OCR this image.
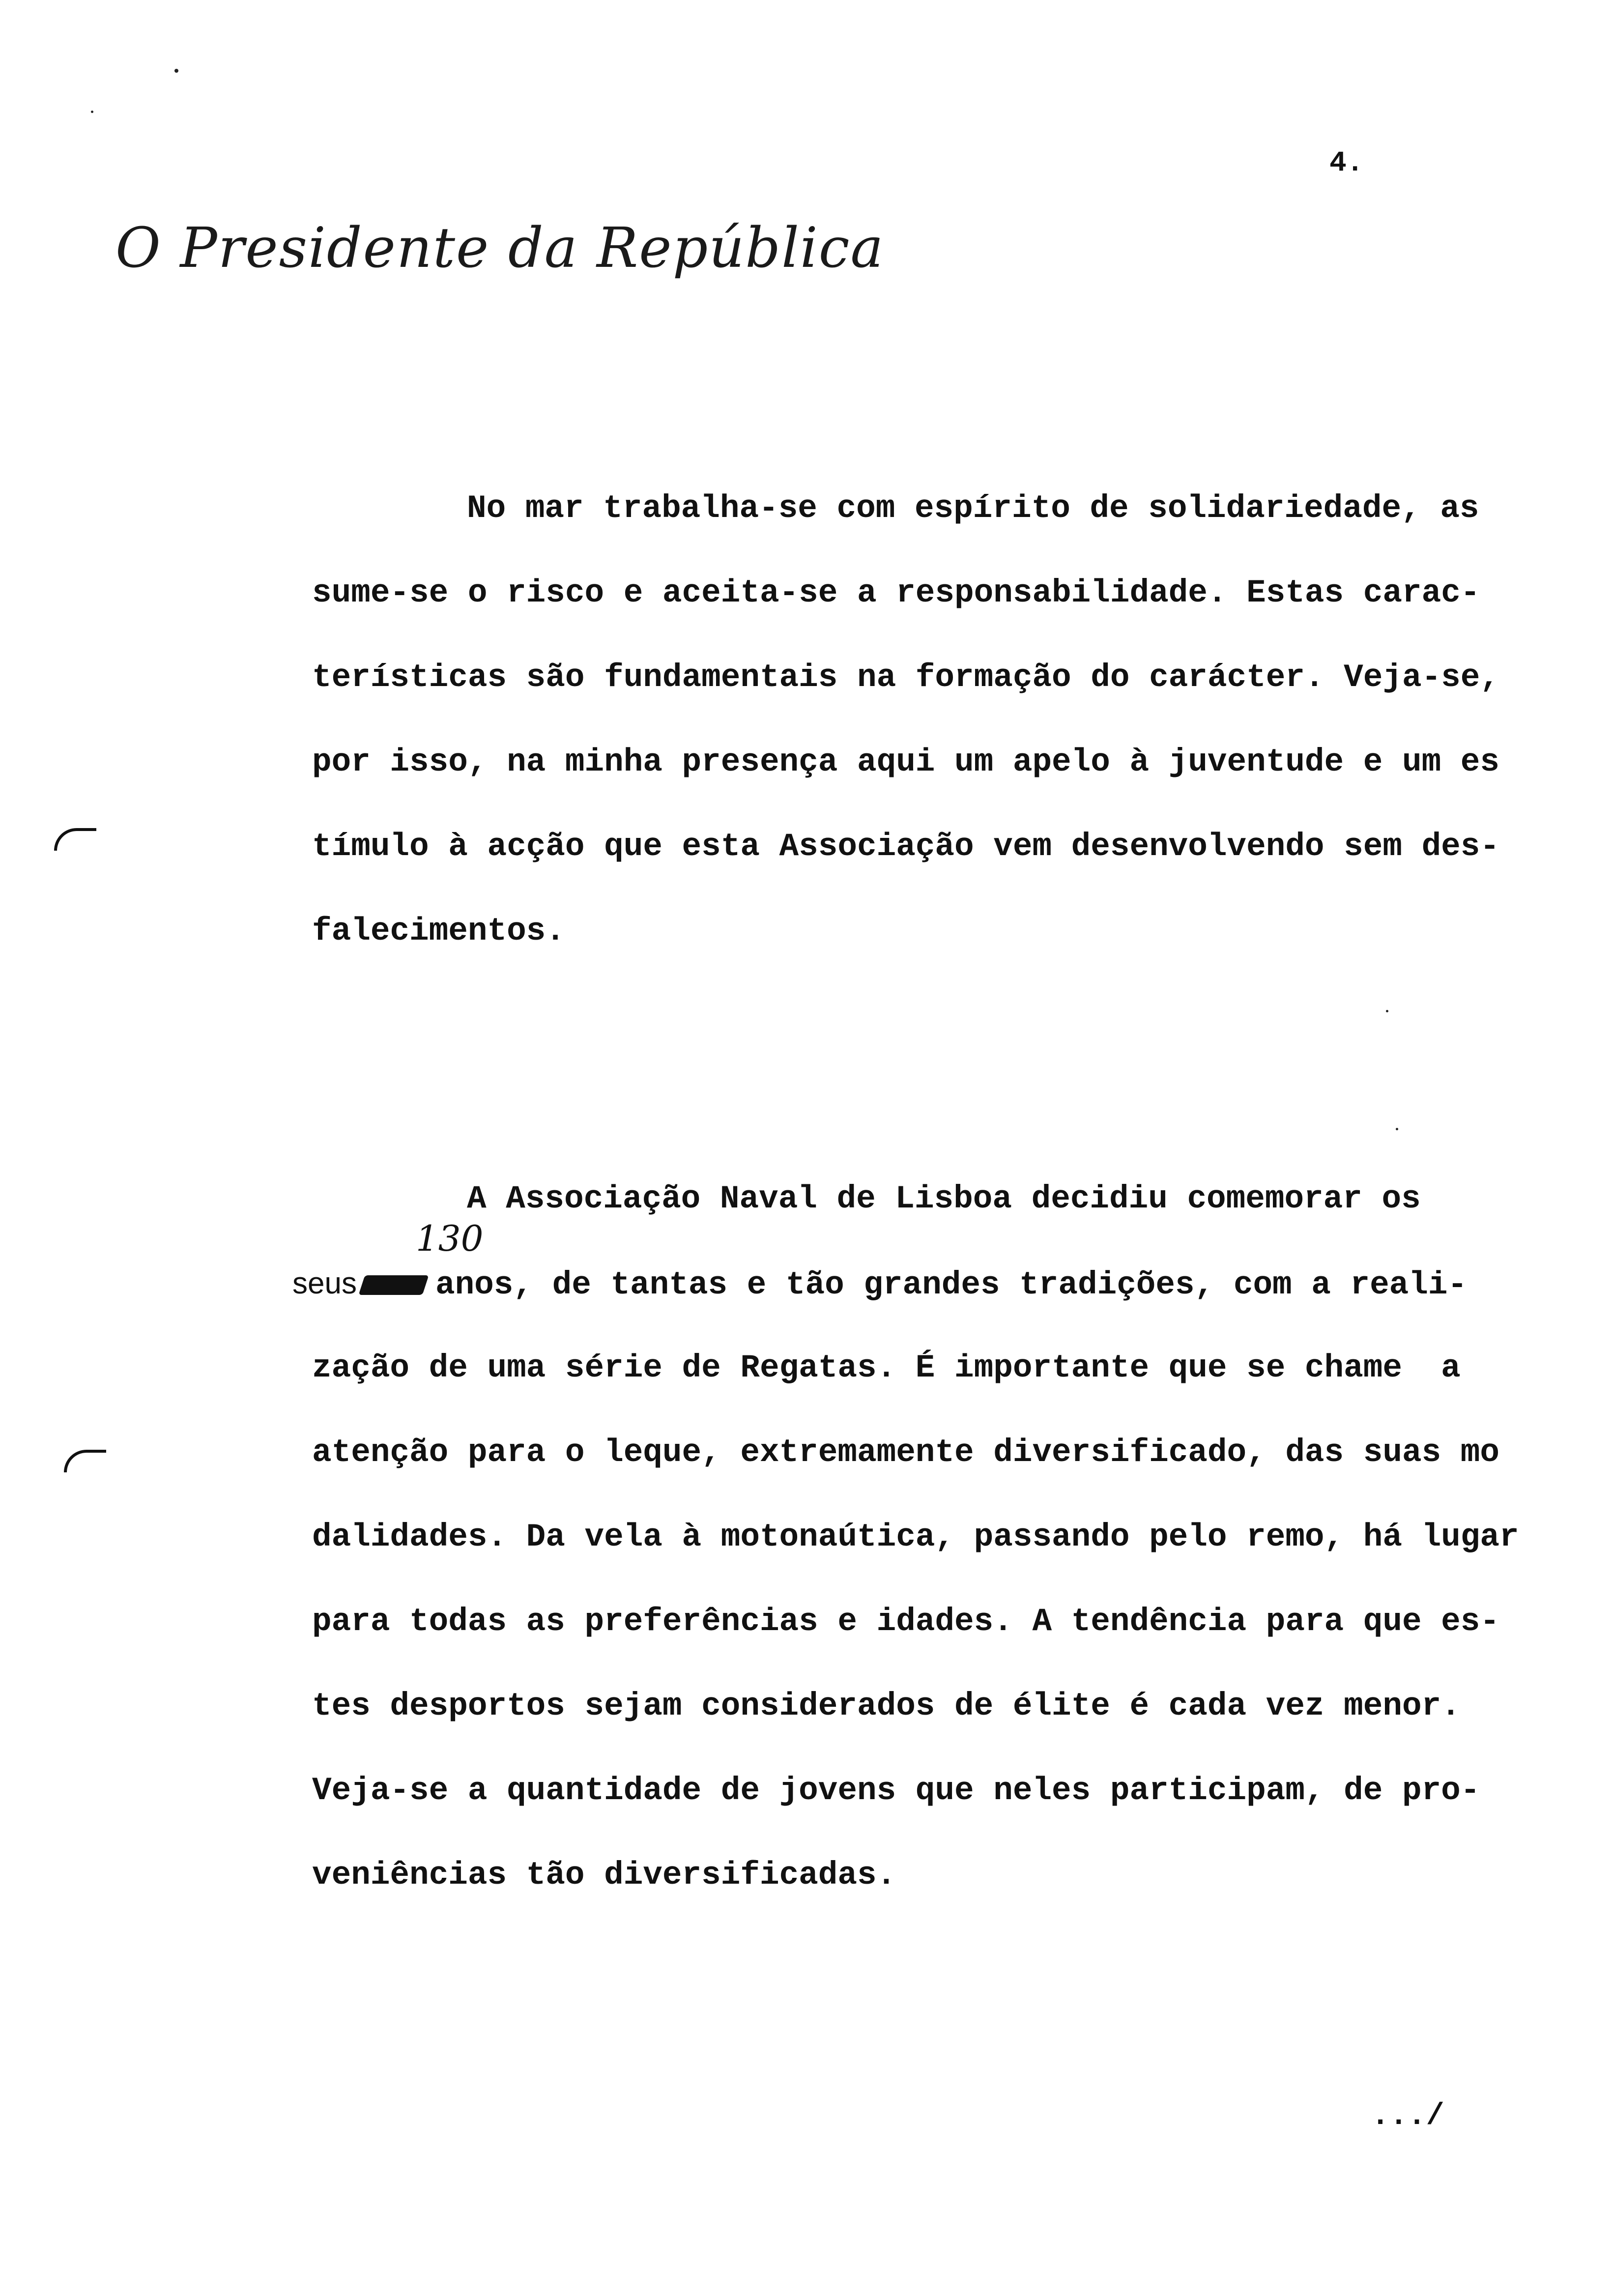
4.
O Presidente da República
No mar trabalha-se com espírito de solidariedade, as
sume-se o risco e aceita-se a responsabilidade. Estas carac-
terísticas são fundamentais na formação do carácter. Veja-se,
por isso, na minha presença aqui um apelo à juventude e um es
tímulo à acção que esta Associação vem desenvolvendo sem des-
falecimentos.
A Associação Naval de Lisboa decidiu comemorar os
seus
130
anos, de tantas e tão grandes tradições, com a reali-
zação de uma série de Regatas. É importante que se chame  a
atenção para o leque, extremamente diversificado, das suas mo
dalidades. Da vela à motonaútica, passando pelo remo, há lugar
para todas as preferências e idades. A tendência para que es-
tes desportos sejam considerados de élite é cada vez menor.
Veja-se a quantidade de jovens que neles participam, de pro-
veniências tão diversificadas.
.../
